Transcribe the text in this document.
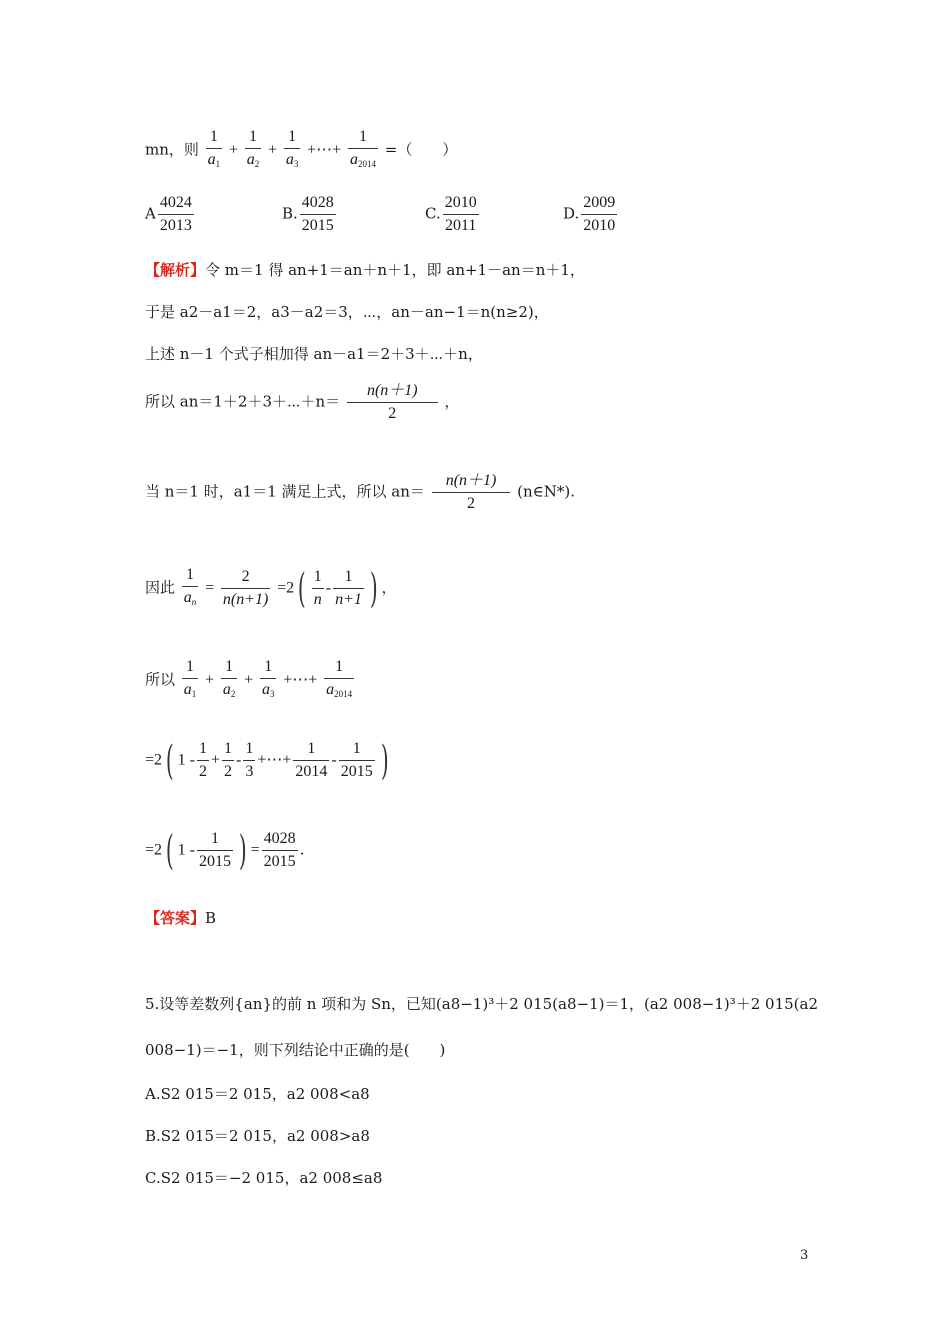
mn，则 $\frac{1}{a_1} + \frac{1}{a_2} + \frac{1}{a_3}$ +⋯+ $\frac{1}{a_{2014}}$ =（　　）
A $\frac{4024}{2013}$	B. $\frac{4028}{2015}$	C. $\frac{2010}{2011}$	D. $\frac{2009}{2010}$
【解析】令 m＝1 得 an+1＝an＋n＋1，即 an+1－an＝n＋1，
于是 a2－a1＝2，a3－a2＝3，⋯，an－an−1＝n(n≥2)，
上述 n－1 个式子相加得 an－a1＝2＋3＋⋯＋n，
所以 an＝1＋2＋3＋⋯＋n＝ $\frac{n(n+1)}{2}$ ，
当 n＝1 时，a1＝1 满足上式，所以 $an= \frac{n(n+1)}{2}$ (n∈N*).
因此 $\frac{1}{a_n} = \frac{2}{n(n+1)} =2( \frac{1}{n} - \frac{1}{n+1}$ ) ，
所以 $\frac{1}{a_1} + \frac{1}{a_2} + \frac{1}{a_3}$ +⋯+ $\frac{1}{a_{2014}}$
=2( $1 - \frac{1}{2} + \frac{1}{2} - \frac{1}{3}$ +⋯+ $\frac{1}{2014} - \frac{1}{2015}$ )
=2( $1 - \frac{1}{2015}$ ) = $\frac{4028}{2015}$ .
【答案】B
5.设等差数列{an}的前 n 项和为 Sn，已知(a8−1)³＋2 015(a8−1)＝1，(a2 008−1)³＋2 015(a2
008−1)＝−1，则下列结论中正确的是(　　)
A.S2 015＝2 015，a2 008<a8
B.S2 015＝2 015，a2 008>a8
C.S2 015＝−2 015，a2 008≤a8
3
